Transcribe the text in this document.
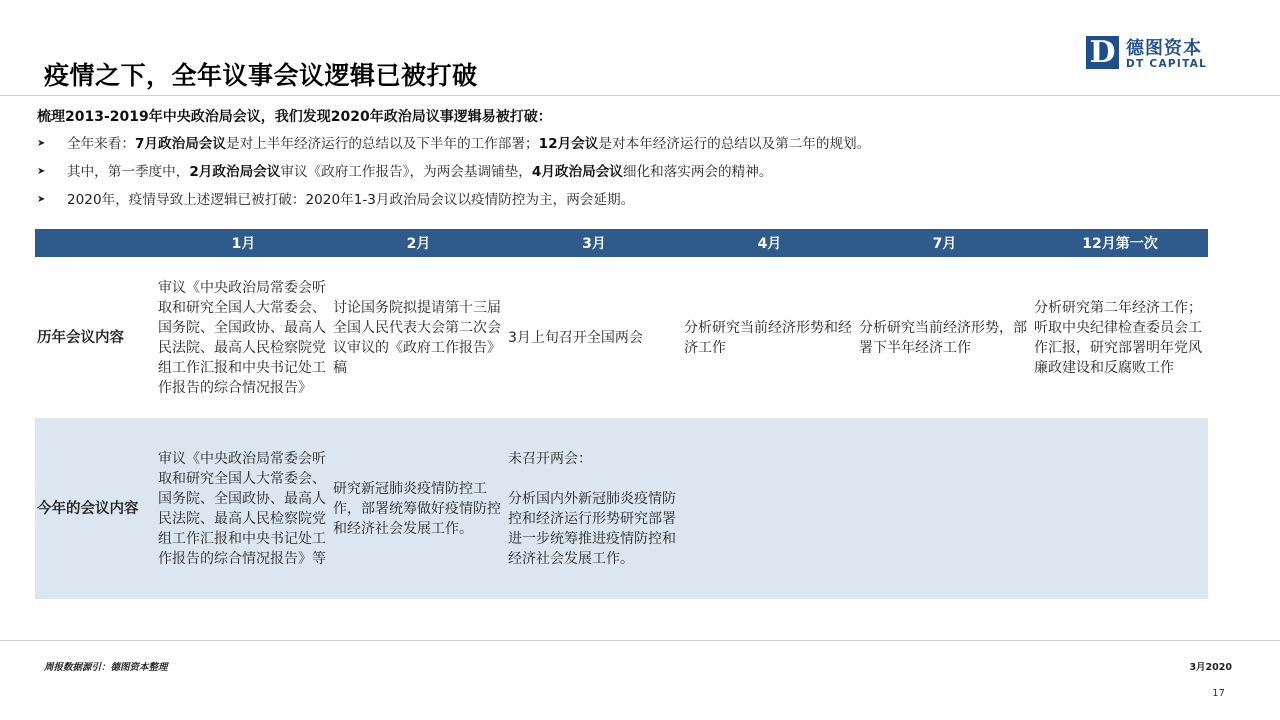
疫情之下，全年议事会议逻辑已被打破
D 德图资本
DT CAPITAL
梳理2013-2019年中央政治局会议，我们发现2020年政治局议事逻辑易被打破：
➤	全年来看：7月政治局会议是对上半年经济运行的总结以及下半年的工作部署；12月会议是对本年经济运行的总结以及第二年的规划。
➤	其中，第一季度中，2月政治局会议审议《政府工作报告》，为两会基调铺垫，4月政治局会议细化和落实两会的精神。
➤	2020年，疫情导致上述逻辑已被打破：2020年1-3月政治局会议以疫情防控为主，两会延期。
	1月	2月	3月	4月	7月	12月第一次
历年会议内容	审议《中央政治局常委会听取和研究全国人大常委会、国务院、全国政协、最高人民法院、最高人民检察院党组工作汇报和中央书记处工作报告的综合情况报告》	讨论国务院拟提请第十三届全国人民代表大会第二次会议审议的《政府工作报告》稿	3月上旬召开全国两会	分析研究当前经济形势和经济工作	分析研究当前经济形势，部署下半年经济工作	分析研究第二年经济工作；
听取中央纪律检查委员会工作汇报，研究部署明年党风廉政建设和反腐败工作
今年的会议内容	审议《中央政治局常委会听取和研究全国人大常委会、国务院、全国政协、最高人民法院、最高人民检察院党组工作汇报和中央书记处工作报告的综合情况报告》等	研究新冠肺炎疫情防控工作，部署统筹做好疫情防控和经济社会发展工作。	未召开两会：

分析国内外新冠肺炎疫情防控和经济运行形势研究部署进一步统筹推进疫情防控和经济社会发展工作。			
周报数据源引：德图资本整理	3月2020
17
